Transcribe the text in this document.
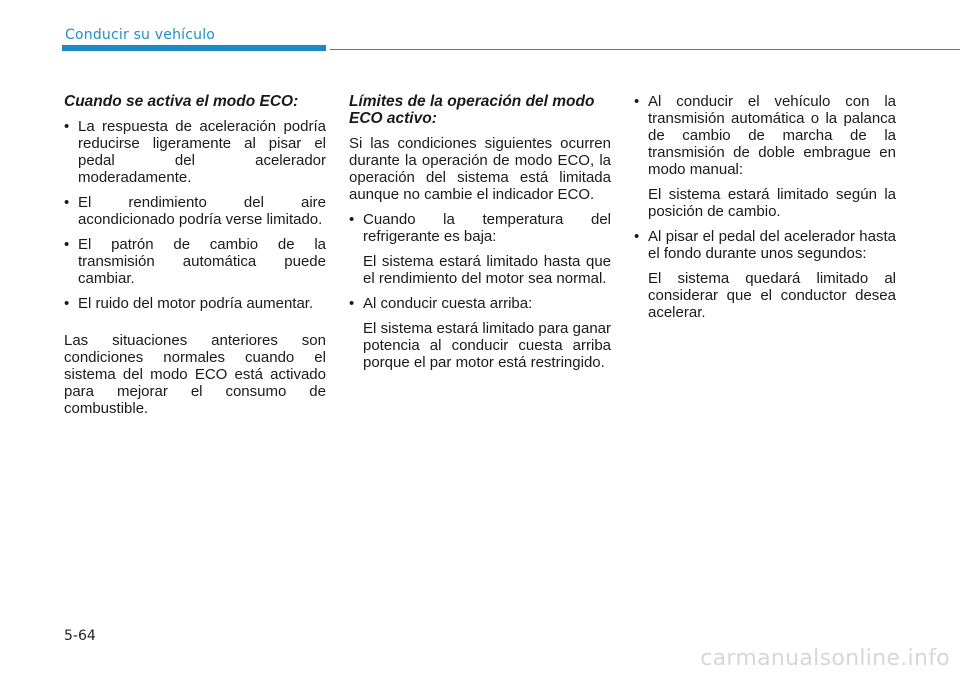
Conducir su vehículo
Cuando se activa el modo ECO:
• La respuesta de aceleración podría reducirse ligeramente al pisar el pedal del acelerador moderadamente.
• El rendimiento del aire acondicionado podría verse limitado.
• El patrón de cambio de la transmisión automática puede cambiar.
• El ruido del motor podría aumentar.

Las situaciones anteriores son condiciones normales cuando el sistema del modo ECO está activado para mejorar el consumo de combustible.

Límites de la operación del modo ECO activo:

Si las condiciones siguientes ocurren durante la operación de modo ECO, la operación del sistema está limitada aunque no cambie el indicador ECO.

• Cuando la temperatura del refrigerante es baja:
El sistema estará limitado hasta que el rendimiento del motor sea normal.
• Al conducir cuesta arriba:
El sistema estará limitado para ganar potencia al conducir cuesta arriba porque el par motor está restringido.
• Al conducir el vehículo con la transmisión automática o la palanca de cambio de marcha de la transmisión de doble embrague en modo manual:
El sistema estará limitado según la posición de cambio.
• Al pisar el pedal del acelerador hasta el fondo durante unos segundos:
El sistema quedará limitado al considerar que el conductor desea acelerar.
5-64
carmanualsonline.info
